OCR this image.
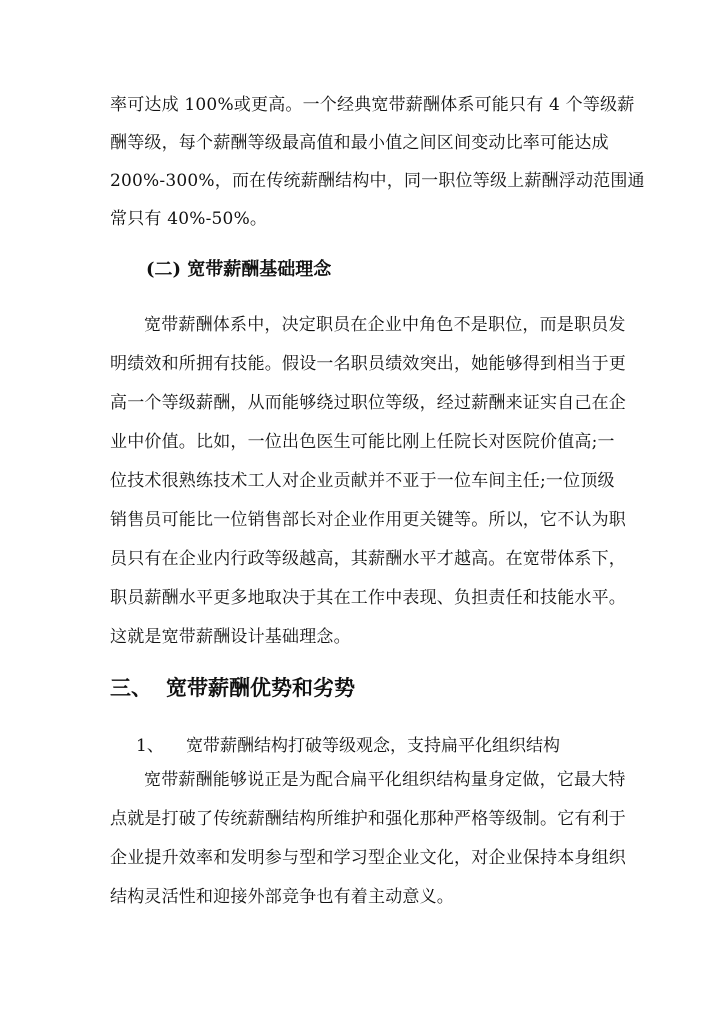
率可达成 100%或更高。一个经典宽带薪酬体系可能只有 4 个等级薪
酬等级，每个薪酬等级最高值和最小值之间区间变动比率可能达成
200%-300%，而在传统薪酬结构中，同一职位等级上薪酬浮动范围通
常只有 40%-50%。
(二) 宽带薪酬基础理念
宽带薪酬体系中，决定职员在企业中角色不是职位，而是职员发
明绩效和所拥有技能。假设一名职员绩效突出，她能够得到相当于更
高一个等级薪酬，从而能够绕过职位等级，经过薪酬来证实自己在企
业中价值。比如，一位出色医生可能比刚上任院长对医院价值高;一
位技术很熟练技术工人对企业贡献并不亚于一位车间主任;一位顶级
销售员可能比一位销售部长对企业作用更关键等。所以，它不认为职
员只有在企业内行政等级越高，其薪酬水平才越高。在宽带体系下，
职员薪酬水平更多地取决于其在工作中表现、负担责任和技能水平。
这就是宽带薪酬设计基础理念。
三、 宽带薪酬优势和劣势
1、 宽带薪酬结构打破等级观念，支持扁平化组织结构
宽带薪酬能够说正是为配合扁平化组织结构量身定做，它最大特
点就是打破了传统薪酬结构所维护和强化那种严格等级制。它有利于
企业提升效率和发明参与型和学习型企业文化，对企业保持本身组织
结构灵活性和迎接外部竞争也有着主动意义。
